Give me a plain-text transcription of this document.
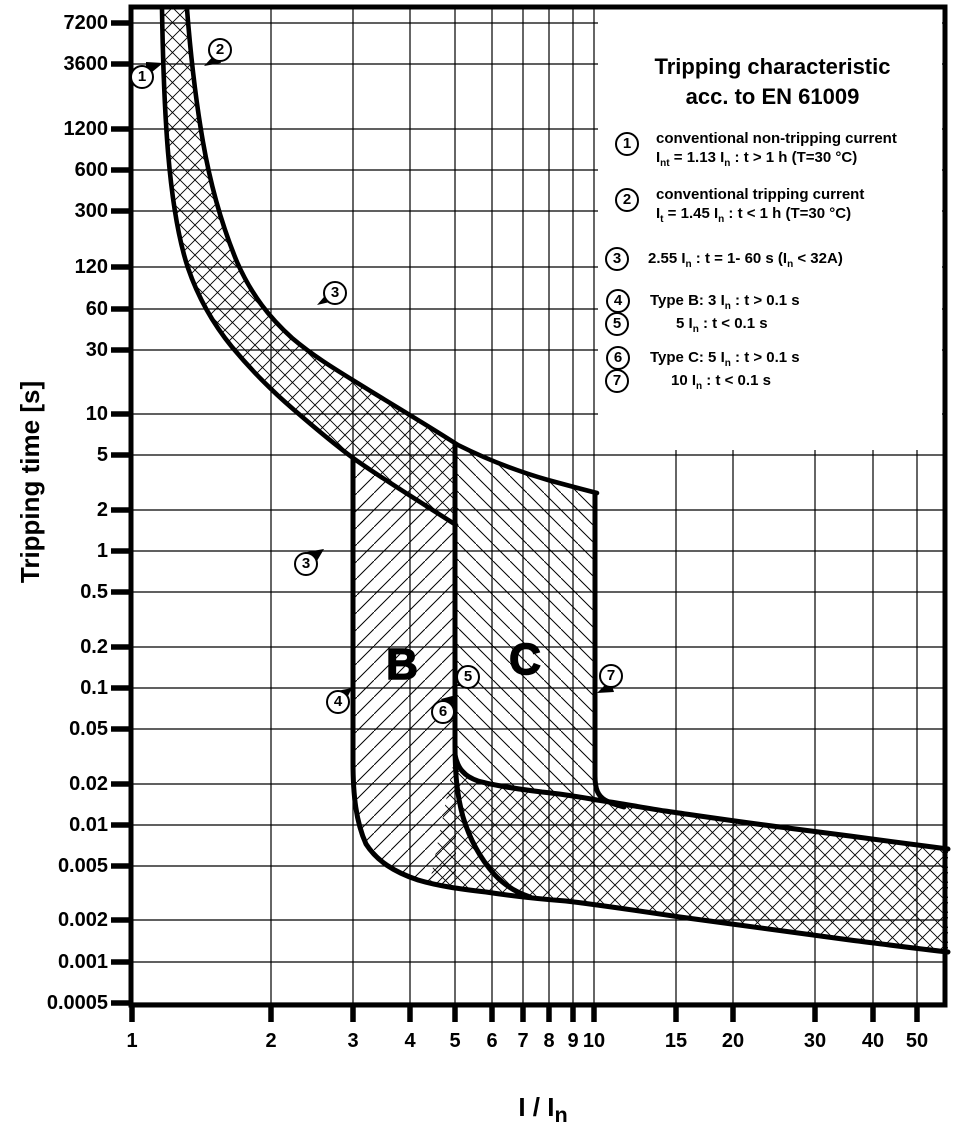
7200
3600
1200
600
300
120
60
30
10
5
2
1
0.5
0.2
0.1
0.05
0.02
0.01
0.005
0.002
0.001
0.0005
1	2	3	4	5	6 7 8 9 10	15	20	30	40	50
Tripping time [s]
I / $I_n$
Tripping characteristic
acc. to EN 61009
1	conventional non-tripping current
$I_{nt} = 1.13$ $I_n$ : t > 1 h (T=30 °C)
2	conventional tripping current
$I_t = 1.45$ $I_n$ : t < 1 h (T=30 °C)
3	2.55 $I_n$ : t = 1- 60 s $(I_n < 32A)$
4	Type B: 3 $I_n$ : t > 0.1 s
5	5 $I_n$ : t < 0.1 s
6	Type C: 5 $I_n$ : t > 0.1 s
7	10 $I_n$ : t < 0.1 s
1
2
3
3
4
5
6
7
B	C
